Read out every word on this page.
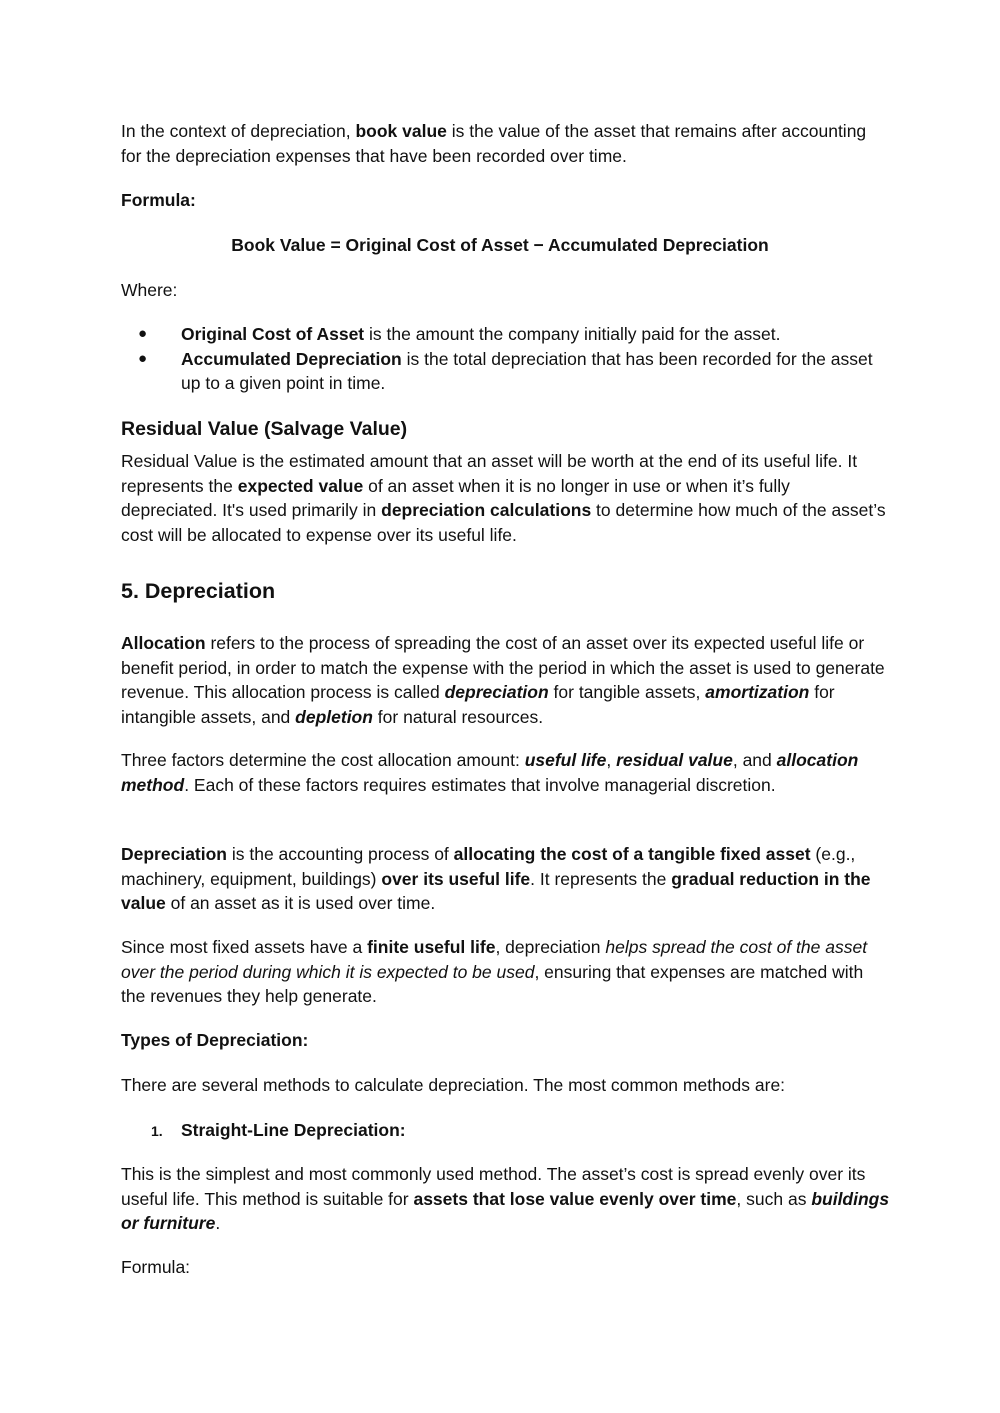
In the context of depreciation, book value is the value of the asset that remains after accounting for the depreciation expenses that have been recorded over time.

Formula:

Book Value = Original Cost of Asset − Accumulated Depreciation

Where:

● Original Cost of Asset is the amount the company initially paid for the asset.
● Accumulated Depreciation is the total depreciation that has been recorded for the asset up to a given point in time.

Residual Value (Salvage Value)

Residual Value is the estimated amount that an asset will be worth at the end of its useful life. It represents the expected value of an asset when it is no longer in use or when it’s fully depreciated. It's used primarily in depreciation calculations to determine how much of the asset’s cost will be allocated to expense over its useful life.

5. Depreciation

Allocation refers to the process of spreading the cost of an asset over its expected useful life or benefit period, in order to match the expense with the period in which the asset is used to generate revenue. This allocation process is called depreciation for tangible assets, amortization for intangible assets, and depletion for natural resources.

Three factors determine the cost allocation amount: useful life, residual value, and allocation method. Each of these factors requires estimates that involve managerial discretion.

Depreciation is the accounting process of allocating the cost of a tangible fixed asset (e.g., machinery, equipment, buildings) over its useful life. It represents the gradual reduction in the value of an asset as it is used over time.

Since most fixed assets have a finite useful life, depreciation helps spread the cost of the asset over the period during which it is expected to be used, ensuring that expenses are matched with the revenues they help generate.

Types of Depreciation:

There are several methods to calculate depreciation. The most common methods are:

1. Straight-Line Depreciation:

This is the simplest and most commonly used method. The asset’s cost is spread evenly over its useful life. This method is suitable for assets that lose value evenly over time, such as buildings or furniture.

Formula:
